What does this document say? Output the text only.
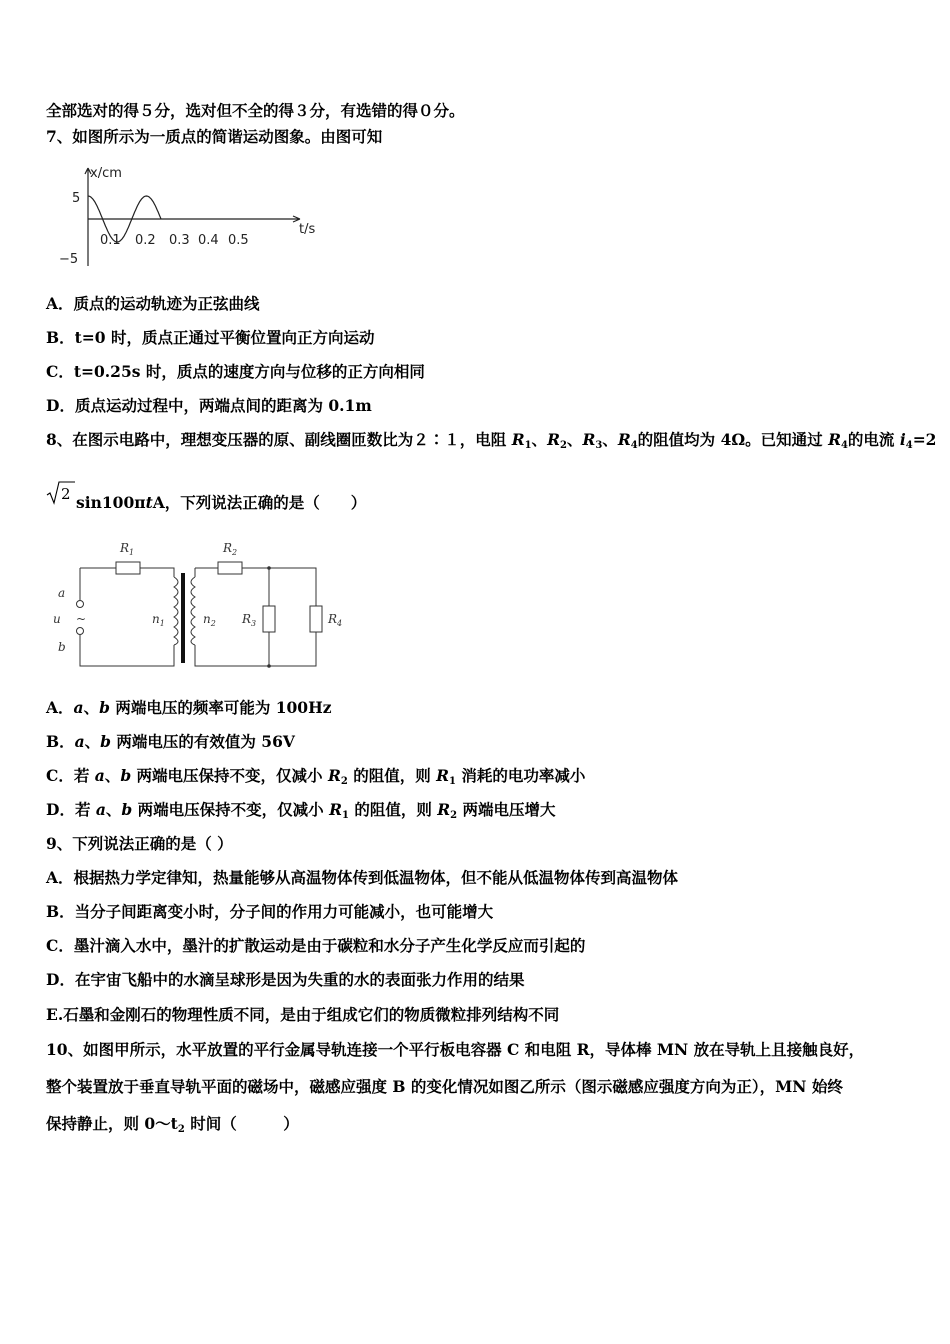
全部选对的得５分，选对但不全的得３分，有选错的得０分。
7、如图所示为一质点的简谐运动图象。由图可知
x/cm
t/s
5
−5
0.1 0.2 0.3 0.4 0.5
A．质点的运动轨迹为正弦曲线
B．t=0 时，质点正通过平衡位置向正方向运动
C．t=0.25s 时，质点的速度方向与位移的正方向相同
D．质点运动过程中，两端点间的距离为 0.1m
8、在图示电路中，理想变压器的原、副线圈匝数比为２∶１，电阻 $R_1$、$R_2$、$R_3$、$R_4$的阻值均为 4Ω。已知通过 $R_4$的电流 $i_4=2$
2 sin100πtA，下列说法正确的是（　　）
a
b
u ~
$R_1$	$R_2$
$R_3$	$R_4$
$n_1$	$n_2$
A．a、b 两端电压的频率可能为 100Hz
B．a、b 两端电压的有效值为 56V
C．若 a、b 两端电压保持不变，仅减小 $R_2$ 的阻值，则 $R_1$ 消耗的电功率减小
D．若 a、b 两端电压保持不变，仅减小 $R_1$ 的阻值，则 $R_2$ 两端电压增大
9、下列说法正确的是（ ）
A．根据热力学定律知，热量能够从高温物体传到低温物体，但不能从低温物体传到高温物体
B．当分子间距离变小时，分子间的作用力可能减小，也可能增大
C．墨汁滴入水中，墨汁的扩散运动是由于碳粒和水分子产生化学反应而引起的
D．在宇宙飞船中的水滴呈球形是因为失重的水的表面张力作用的结果
E.石墨和金刚石的物理性质不同，是由于组成它们的物质微粒排列结构不同
10、如图甲所示，水平放置的平行金属导轨连接一个平行板电容器 C 和电阻 R，导体棒 MN 放在导轨上且接触良好，
整个装置放于垂直导轨平面的磁场中，磁感应强度 B 的变化情况如图乙所示（图示磁感应强度方向为正），MN 始终
保持静止，则 $0\sim t_2$ 时间（　　　）
